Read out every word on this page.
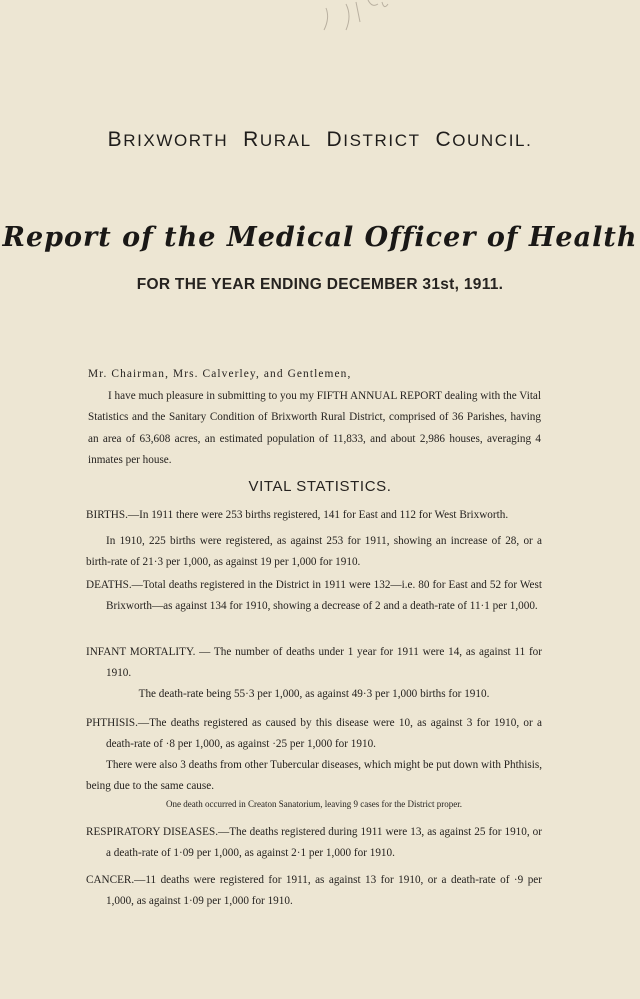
BRIXWORTH RURAL DISTRICT COUNCIL.
Report of the Medical Officer of Health
FOR THE YEAR ENDING DECEMBER 31st, 1911.
Mr. Chairman, Mrs. Calverley, and Gentlemen,
I have much pleasure in submitting to you my FIFTH ANNUAL REPORT dealing with the Vital Statistics and the Sanitary Condition of Brixworth Rural District, comprised of 36 Parishes, having an area of 63,608 acres, an estimated population of 11,833, and about 2,986 houses, averaging 4 inmates per house.
VITAL STATISTICS.
BIRTHS.—In 1911 there were 253 births registered, 141 for East and 112 for West Brixworth.
In 1910, 225 births were registered, as against 253 for 1911, showing an increase of 28, or a birth-rate of 21·3 per 1,000, as against 19 per 1,000 for 1910.
DEATHS.—Total deaths registered in the District in 1911 were 132—i.e. 80 for East and 52 for West Brixworth—as against 134 for 1910, showing a decrease of 2 and a death-rate of 11·1 per 1,000.
INFANT MORTALITY. — The number of deaths under 1 year for 1911 were 14, as against 11 for 1910.
The death-rate being 55·3 per 1,000, as against 49·3 per 1,000 births for 1910.
PHTHISIS.—The deaths registered as caused by this disease were 10, as against 3 for 1910, or a death-rate of ·8 per 1,000, as against ·25 per 1,000 for 1910.
There were also 3 deaths from other Tubercular diseases, which might be put down with Phthisis, being due to the same cause.
One death occurred in Creaton Sanatorium, leaving 9 cases for the District proper.
RESPIRATORY DISEASES.—The deaths registered during 1911 were 13, as against 25 for 1910, or a death-rate of 1·09 per 1,000, as against 2·1 per 1,000 for 1910.
CANCER.—11 deaths were registered for 1911, as against 13 for 1910, or a death-rate of ·9 per 1,000, as against 1·09 per 1,000 for 1910.
